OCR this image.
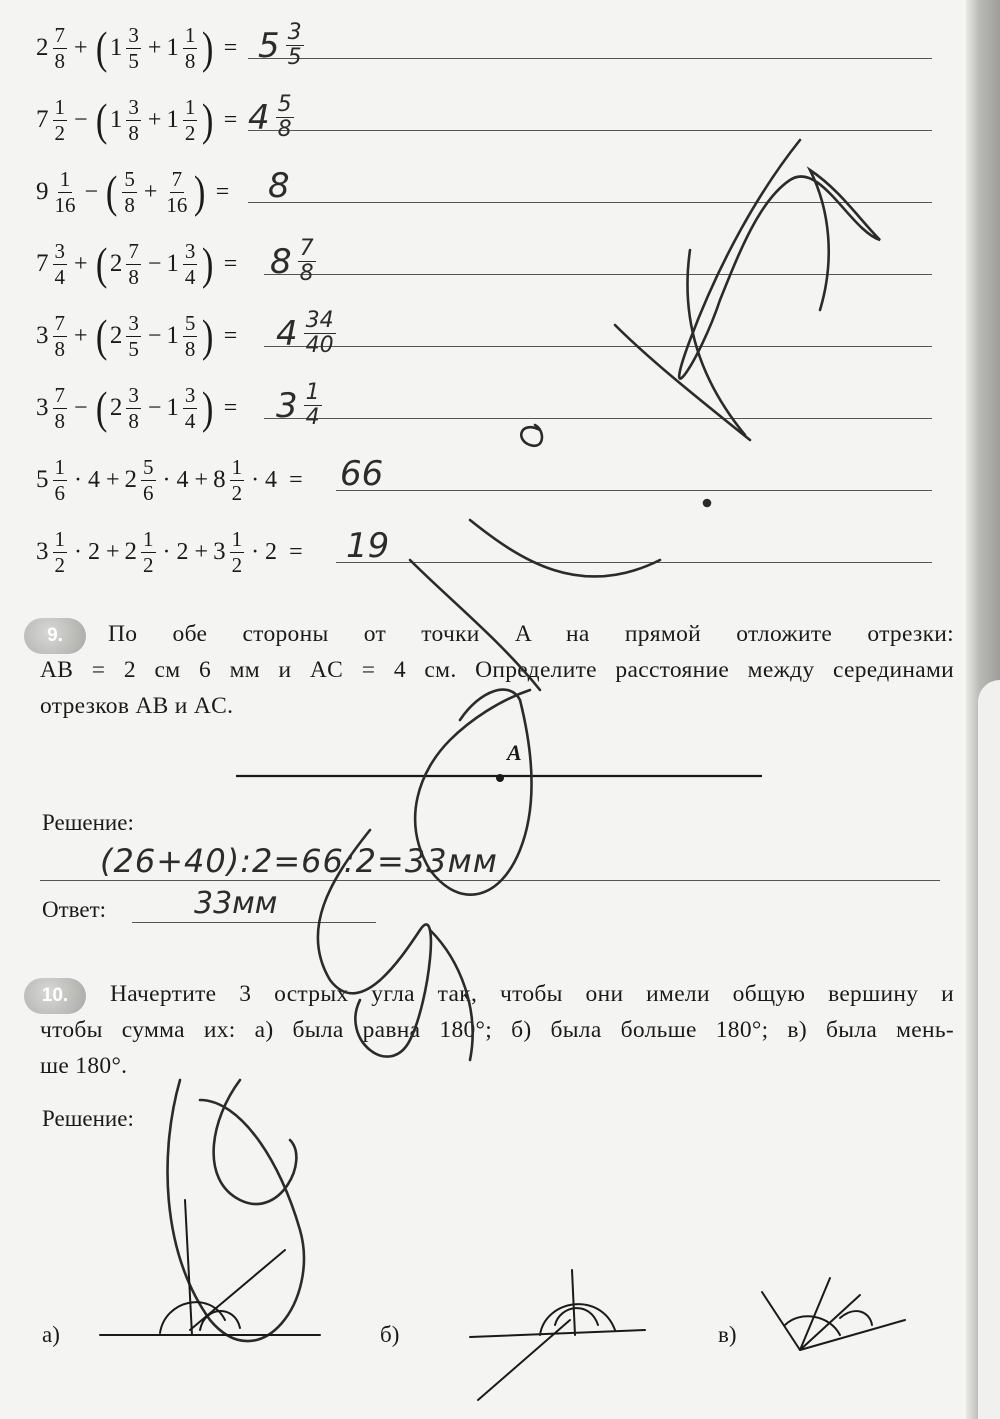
$2 \frac{7}{8}$ + ( $1 \frac{3}{5} + 1 \frac{1}{8}$ ) = $5 \frac{3}{5}$
$7 \frac{1}{2}$ − ( $1 \frac{3}{8} + 1 \frac{1}{2}$ ) = $4 \frac{5}{8}$
$9 \frac{1}{16}$ − ( $\frac{5}{8} + \frac{7}{16}$ ) = 8
$7 \frac{3}{4}$ + ( $2 \frac{7}{8} - 1 \frac{3}{4}$ ) = $8 \frac{7}{8}$
$3 \frac{7}{8}$ + ( $2 \frac{3}{5} - 1 \frac{5}{8}$ ) = $4 \frac{34}{40}$
$3 \frac{7}{8}$ − ( $2 \frac{3}{8} - 1 \frac{3}{4}$ ) = $3 \frac{1}{4}$
$5 \frac{1}{6} \cdot 4 + 2 \frac{5}{6} \cdot 4 + 8 \frac{1}{2} \cdot 4 = 66$
$3 \frac{1}{2} \cdot 2 + 2 \frac{1}{2} \cdot 2 + 3 \frac{1}{2} \cdot 2 = 19$
9. По обе стороны от точки A на прямой отложите отрезки:
AB = 2 см 6 мм и AC = 4 см. Определите расстояние между серединами
отрезков AB и AC.
A
Решение:
(26+40):2=66:2=33мм
Ответ:	33мм
10. Начертите 3 острых угла так, чтобы они имели общую вершину и
чтобы сумма их: а) была равна 180°; б) была больше 180°; в) была мень-
ше 180°.
Решение:
а)	б)	в)
